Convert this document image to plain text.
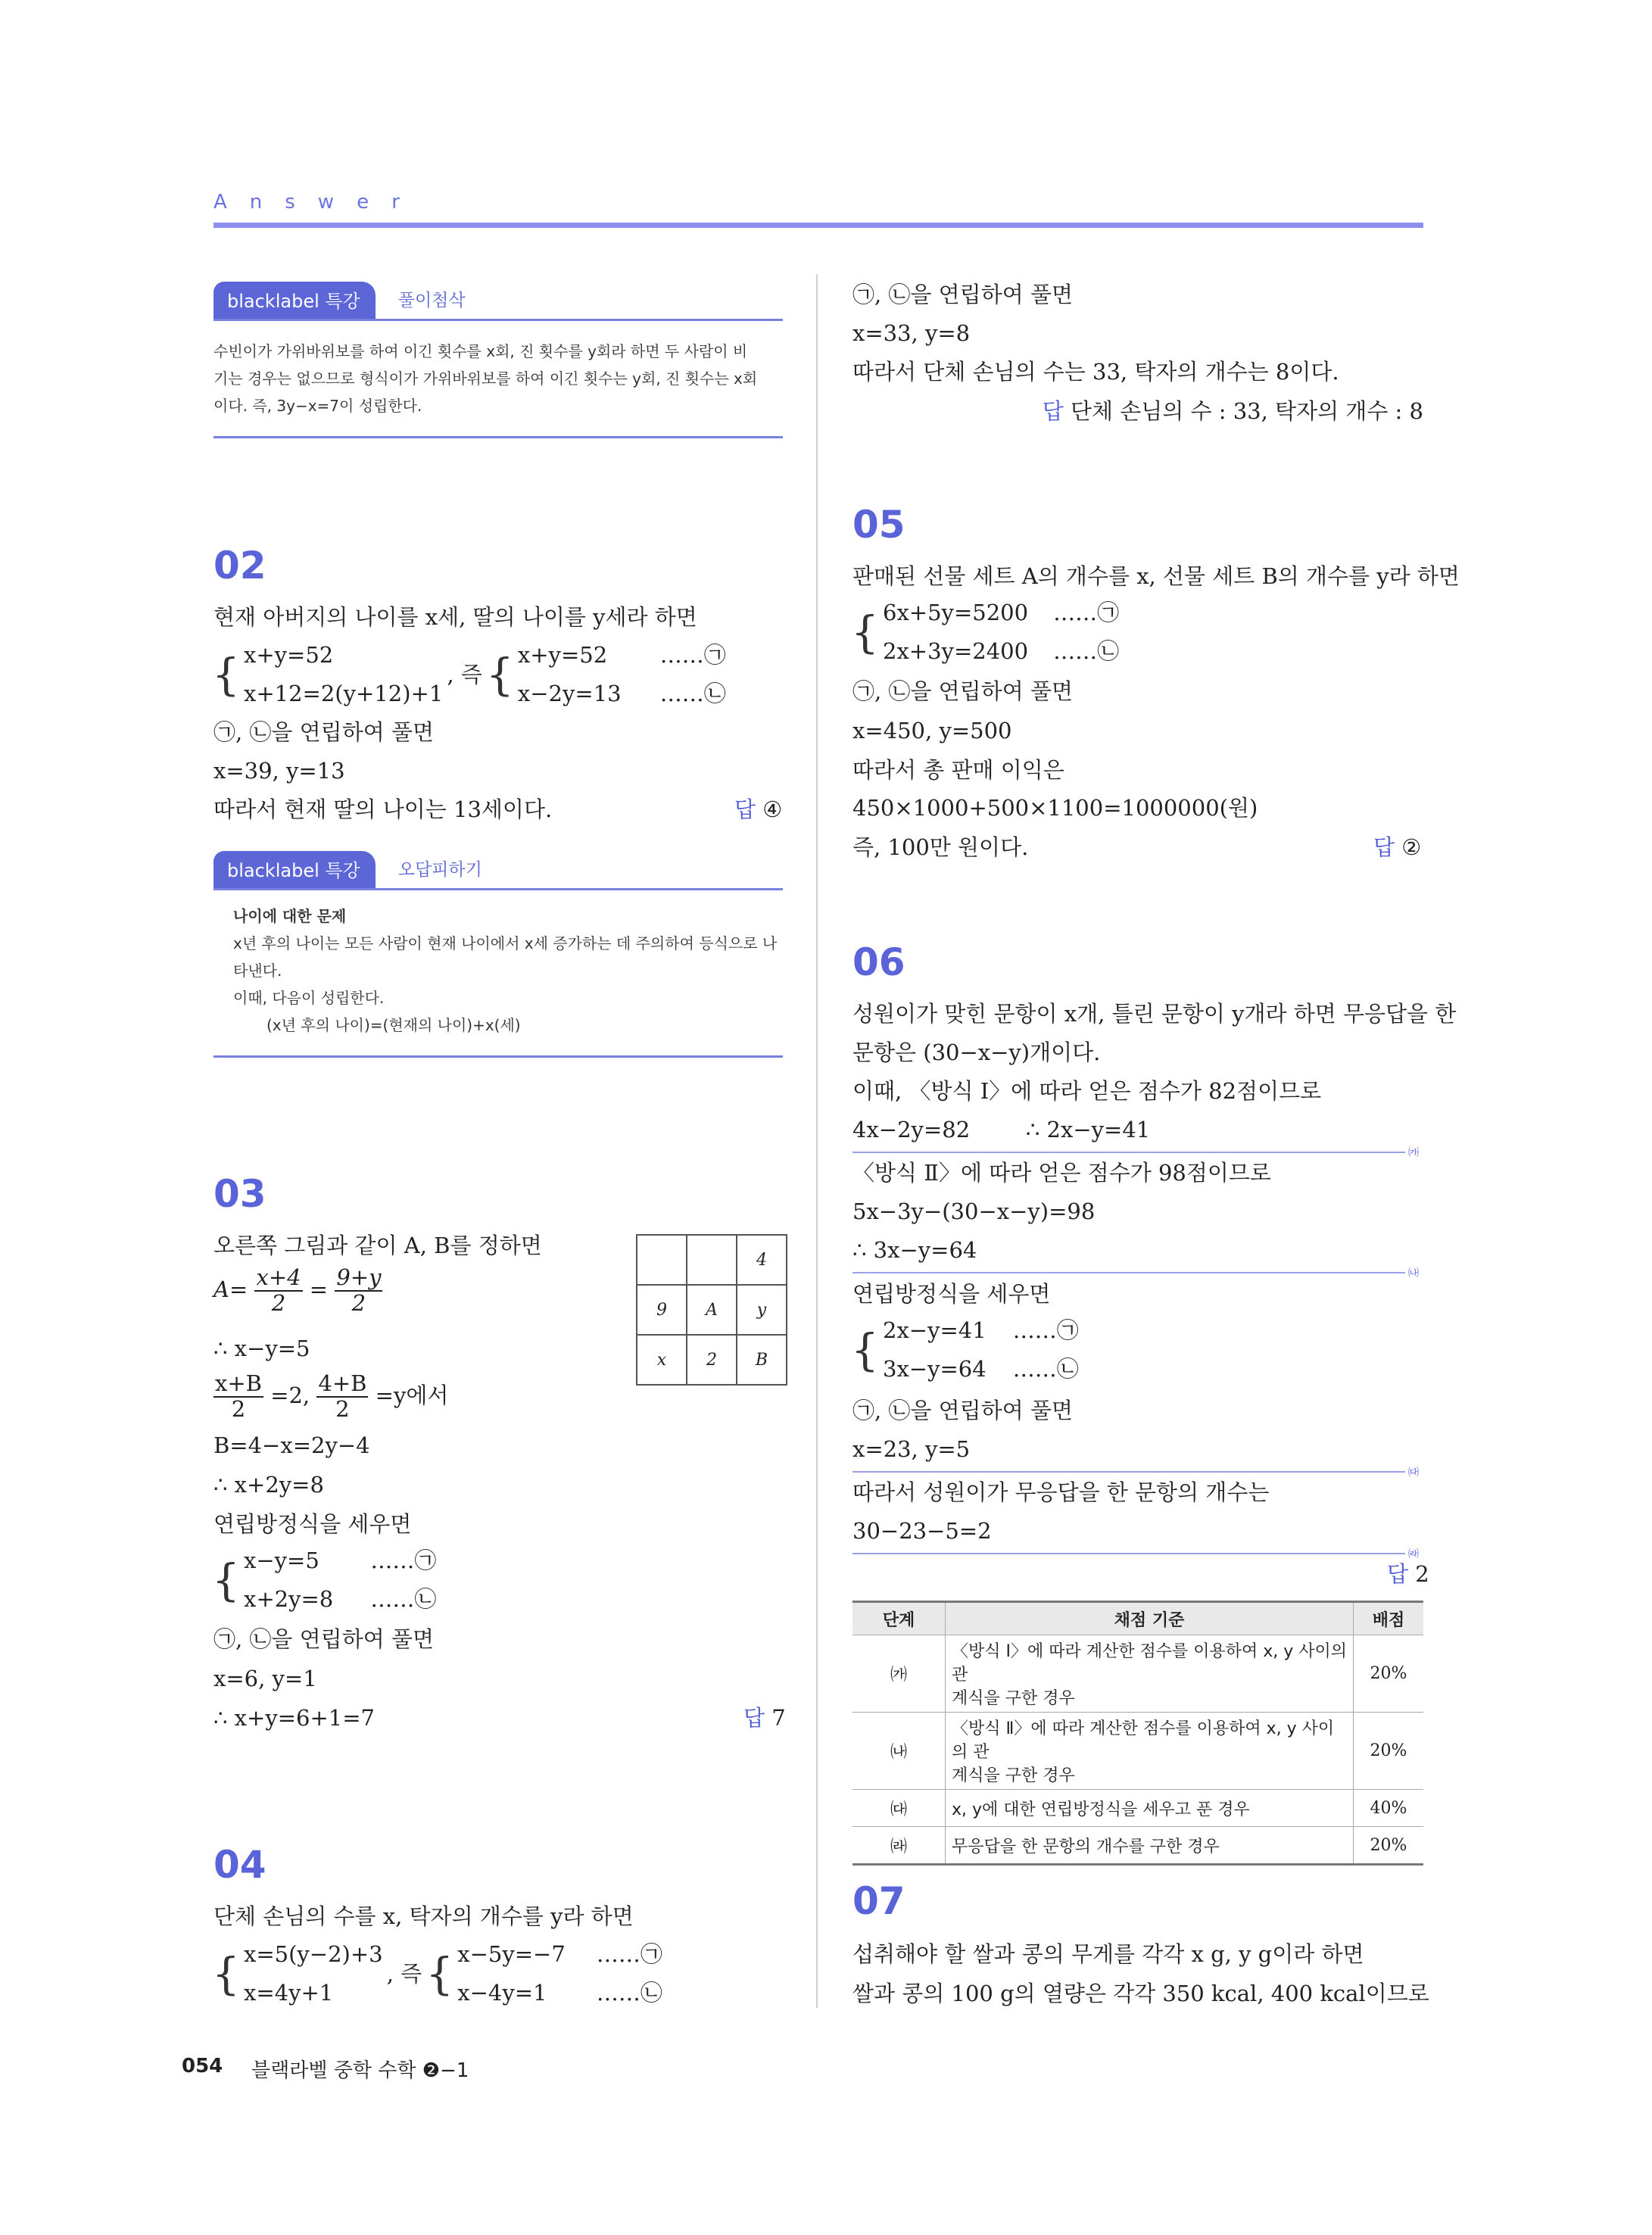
Answer
blacklabel 특강	풀이첨삭
수빈이가 가위바위보를 하여 이긴 횟수를 x회, 진 횟수를 y회라 하면 두 사람이 비
기는 경우는 없으므로 형식이가 가위바위보를 하여 이긴 횟수는 y회, 진 횟수는 x회
이다. 즉, 3y−x=7이 성립한다.
02
현재 아버지의 나이를 x세, 딸의 나이를 y세라 하면
{ x+y=52
x+12=2(y+12)+1
, 즉 { x+y=52
x−2y=13

……㉠
……㉡
㉠, ㉡을 연립하여 풀면
x=39, y=13
따라서 현재 딸의 나이는 13세이다.	답 ④
blacklabel 특강	오답피하기
나이에 대한 문제
x년 후의 나이는 모든 사람이 현재 나이에서 x세 증가하는 데 주의하여 등식으로 나
타낸다.
이때, 다음이 성립한다.
(x년 후의 나이)=(현재의 나이)+x(세)
03
오른쪽 그림과 같이 A, B를 정하면
$A= \frac{x+4}{2} = \frac{9+y}{2}$
∴ x−y=5
$\frac{x+B}{2} =2$, $\frac{4+B}{2} =y$에서
B=4−x=2y−4
∴ x+2y=8
연립방정식을 세우면
{ x−y=5
x+2y=8

……㉠
……㉡
㉠, ㉡을 연립하여 풀면
x=6, y=1
∴ x+y=6+1=7	답 7
		4
9	A	y
x	2	B
04
단체 손님의 수를 x, 탁자의 개수를 y라 하면
{ x=5(y−2)+3
x=4y+1
, 즉 { x−5y=−7
x−4y=1

……㉠
……㉡
㉠, ㉡을 연립하여 풀면
x=33, y=8
따라서 단체 손님의 수는 33, 탁자의 개수는 8이다.
답 단체 손님의 수 : 33, 탁자의 개수 : 8
05
판매된 선물 세트 A의 개수를 x, 선물 세트 B의 개수를 y라 하면
{ 6x+5y=5200
2x+3y=2400

……㉠
……㉡
㉠, ㉡을 연립하여 풀면
x=450, y=500
따라서 총 판매 이익은
450×1000+500×1100=1000000(원)
즉, 100만 원이다.	답 ②
06
성원이가 맞힌 문항이 x개, 틀린 문항이 y개라 하면 무응답을 한
문항은 (30−x−y)개이다.
이때, 〈방식 Ⅰ〉에 따라 얻은 점수가 82점이므로
4x−2y=82        ∴ 2x−y=41
㈎
〈방식 Ⅱ〉에 따라 얻은 점수가 98점이므로
5x−3y−(30−x−y)=98
∴ 3x−y=64
㈏
연립방정식을 세우면
{ 2x−y=41
3x−y=64

……㉠
……㉡
㉠, ㉡을 연립하여 풀면
x=23, y=5
㈐
따라서 성원이가 무응답을 한 문항의 개수는
30−23−5=2
㈑
답 2
단계	채점 기준	배점
㈎	〈방식 Ⅰ〉에 따라 계산한 점수를 이용하여 x, y 사이의 관
계식을 구한 경우	20%
㈏	〈방식 Ⅱ〉에 따라 계산한 점수를 이용하여 x, y 사이의 관
계식을 구한 경우	20%
㈐	x, y에 대한 연립방정식을 세우고 푼 경우	40%
㈑	무응답을 한 문항의 개수를 구한 경우	20%
07
섭취해야 할 쌀과 콩의 무게를 각각 x g, y g이라 하면
쌀과 콩의 100 g의 열량은 각각 350 kcal, 400 kcal이므로
054 블랙라벨 중학 수학 ❷−1
